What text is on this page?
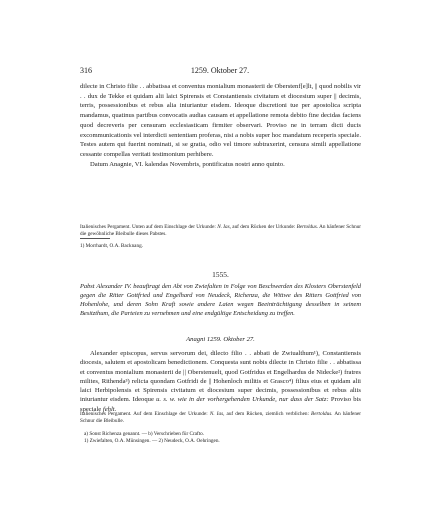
316	1259. Oktober 27.

dilecte in Christo filie . . abbatissa et conventus monialium monasterii de Oberstenf[e]lt, || quod nobilis vir . . dux de Tekke et quidam alii laici Spirensis et Constantiensis civitatum et diocesium super || decimis, terris, possessionibus et rebus alia iniuriantur eisdem. Ideoque discretioni tue per apostolica scripta mandamus, quatinus partibus convocatis audias causam et appellatione remota debito fine decidas faciens quod decreveris per censuram ecclesiasticam firmiter observari. Proviso ne in terram dicti ducis excommunicationis vel interdicti sententiam proferas, nisi a nobis super hoc mandatum receperis speciale. Testes autem qui fuerint nominati, si se gratia, odio vel timore subtraxerint, censura simili appellatione cessante compellas veritati testimonium perhibere.

Datum Anagnie, VI. kalendas Novembris, pontificatus nostri anno quinto.

Italienisches Pergament. Unten auf dem Einschlage der Urkunde: N. Ias, auf dem Rücken der Urkunde: Bertoldus. An hänfener Schnur die gewöhnliche Bleibulle dieses Pabstes.
1) Morrhardt, O.A. Backnang.
1555.
Pabst Alexander IV. beauftragt den Abt von Zwiefalten in Folge von Beschwerden des Klosters Oberstenfeld gegen die Ritter Gottfried und Engelhard von Neudeck, Richenza, die Wittwe des Ritters Gottfried von Hohenlohe, und deren Sohn Kraft sowie andere Laien wegen Beeinträchtigung desselben in seinem Besitzthum, die Parteien zu vernehmen und eine endgültige Entscheidung zu treffen.
Anagni 1259. Oktober 27.

Alexander episcopus, servus servorum dei, dilecto filio . . abbati de Zwiualthum¹), Constantiensis diocesis, salutem et apostolicam benedictionem. Conquesta sunt nobis dilecte in Christo filie . . abbatissa et conventus monialium monasterii de || Oberstenuelt, quod Gotfridus et Engelhardus de Nidecke²) fratres milites, Rithenda³) relicta quondam Gotfridi de || Hohenloch militis et Grasco⁴) filius eius et quidam alii laici Herbipolensis et Spirensis civitatum et diocesium super decimis, possessionibus et rebus aliis iniuriantur eisdem. Ideoque u. s. w. wie in der vorhergehenden Urkunde, nur dass der Satz: Proviso bis speciale fehlt.

Italienisches Pergament. Auf dem Einschlage der Urkunde: N. Ias, auf dem Rücken, ziemlich verblichen: Bertoldus. An hänfener Schnur die Bleibulle.
a) Sonst Richenza genannt. — b) Verschrieben für Crafto.
1) Zwiefalten, O.A. Münsingen. — 2) Neudeck, O.A. Oehringen.
